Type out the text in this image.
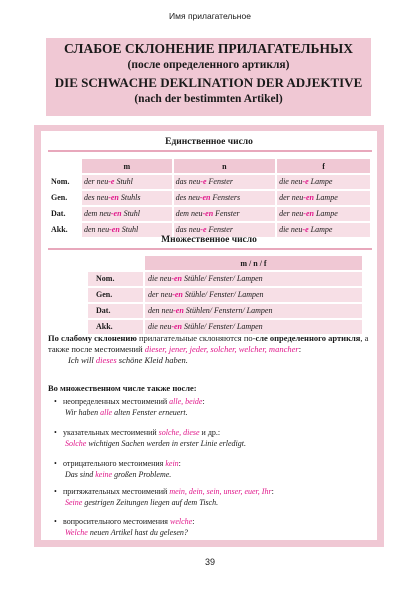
Имя прилагательное
СЛАБОЕ СКЛОНЕНИЕ ПРИЛАГАТЕЛЬНЫХ
(после определенного артикля)
DIE SCHWACHE DEKLINATION DER ADJEKTIVE
(nach der bestimmten Artikel)
Единственное число
	m	n	f
Nom.	der neu-e Stuhl	das neu-e Fenster	die neu-e Lampe
Gen.	des neu-en Stuhls	des neu-en Fensters	der neu-en Lampe
Dat.	dem neu-en Stuhl	dem neu-en Fenster	der neu-en Lampe
Akk.	den neu-en Stuhl	das neu-e Fenster	die neu-e Lampe
Множественное число
	m / n / f
Nom.	die neu-en Stühle/ Fenster/ Lampen
Gen.	der neu-en Stühle/ Fenster/ Lampen
Dat.	den neu-en Stühlen/ Fenstern/ Lampen
Akk.	die neu-en Stühle/ Fenster/ Lampen
По слабому склонению прилагательные склоняются по-сле определенного артикля, а также после местоимений dieser, jener, jeder, solcher, welcher, mancher:
Ich will dieses schöne Kleid haben.
Во множественном числе также после:
• неопределенных местоимений alle, beide:
Wir haben alle alten Fenster erneuert.
• указательных местоимений solche, diese и др.:
Solche wichtigen Sachen werden in erster Linie erledigt.
• отрицательного местоимения kein:
Das sind keine großen Probleme.
• притяжательных местоимений mein, dein, sein, unser, euer, Ihr:
Seine gestrigen Zeitungen liegen auf dem Tisch.
• вопросительного местоимения welche:
Welche neuen Artikel hast du gelesen?
39
